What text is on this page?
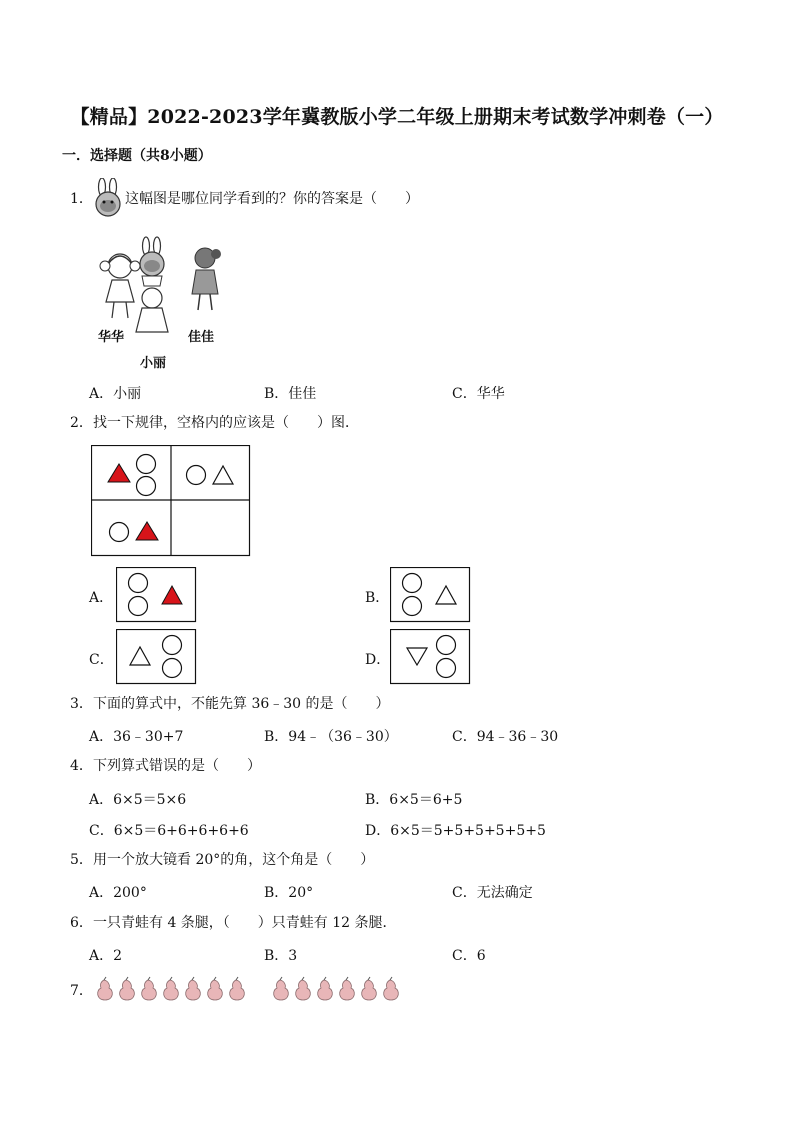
【精品】2022-2023学年冀教版小学二年级上册期末考试数学冲刺卷（一）
一．选择题（共8小题）
1． 这幅图是哪位同学看到的？你的答案是（　　）
华华	佳佳
小丽
A．小丽	B．佳佳	C．华华
2． 找一下规律，空格内的应该是（　　）图．
A．	B．
C．	D．
3． 下面的算式中，不能先算 36﹣30 的是（　　）
A．36﹣30+7	B．94﹣（36﹣30）	C．94﹣36﹣30
4． 下列算式错误的是（　　）
A．6×5＝5×6	B．6×5＝6+5
C．6×5＝6+6+6+6+6	D．6×5＝5+5+5+5+5+5
5． 用一个放大镜看 20°的角，这个角是（　　）
A．200°	B．20°	C．无法确定
6． 一只青蛙有 4 条腿，（　　）只青蛙有 12 条腿．
A．2	B．3	C．6
7．
